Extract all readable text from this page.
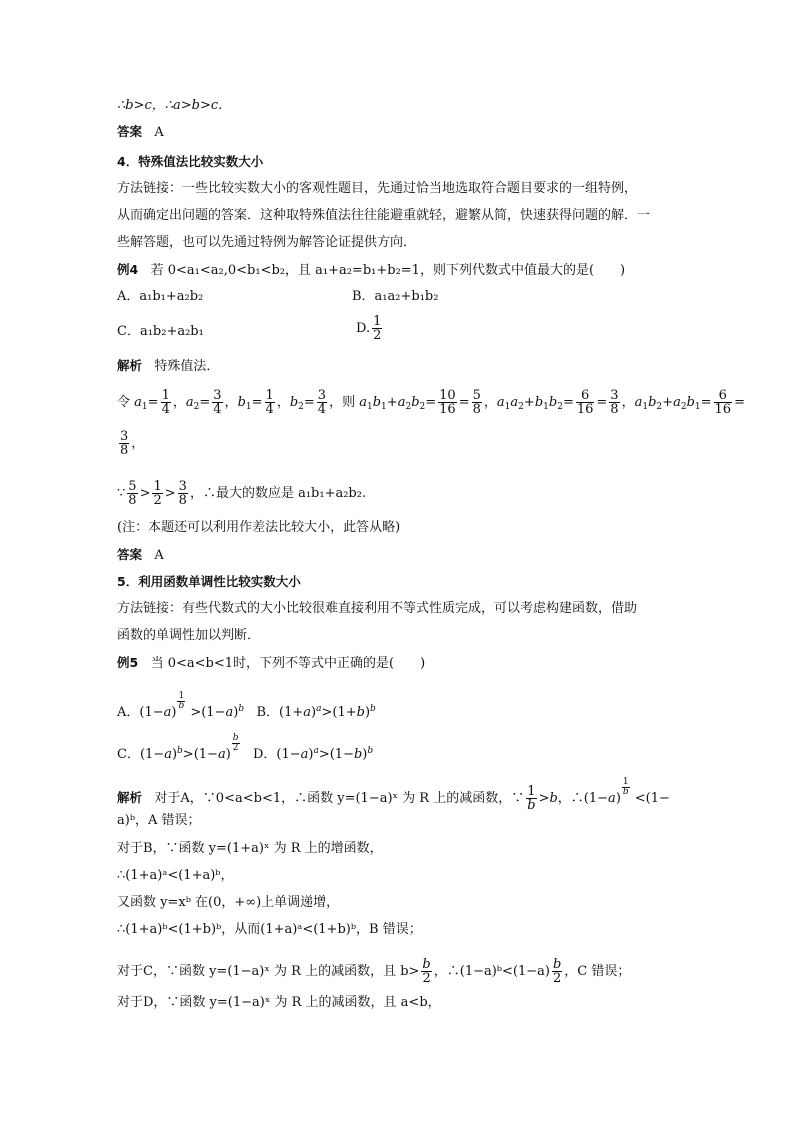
∴b>c，∴a>b>c.
答案 A
4．特殊值法比较实数大小
方法链接：一些比较实数大小的客观性题目，先通过恰当地选取符合题目要求的一组特例，
从而确定出问题的答案．这种取特殊值法往往能避重就轻，避繁从简，快速获得问题的解．一
些解答题，也可以先通过特例为解答论证提供方向．
例4 若 0<a₁<a₂,0<b₁<b₂，且 a₁+a₂=b₁+b₂=1，则下列代数式中值最大的是(　　)
A．a₁b₁+a₂b₂	B．a₁a₂+b₁b₂
C．a₁b₂+a₂b₁	D. $\frac{1}{2}$
解析 特殊值法．
令 $a_1= \frac{1}{4}$ ，$a_2= \frac{3}{4}$ ，$b_1= \frac{1}{4}$ ，$b_2= \frac{3}{4}$ ，则 $a_1b_1+a_2b_2= \frac{10}{16} = \frac{5}{8}$ ，$a_1a_2+b_1b_2= \frac{6}{16} = \frac{3}{8}$ ，$a_1b_2+a_2b_1= \frac{6}{16}$ =
$\frac{3}{8}$ ，
∵ $\frac{5}{8} > \frac{1}{2} > \frac{3}{8}$ ，∴最大的数应是 a₁b₁+a₂b₂.
(注：本题还可以利用作差法比较大小，此答从略)
答案 A
5．利用函数单调性比较实数大小
方法链接：有些代数式的大小比较很难直接利用不等式性质完成，可以考虑构建函数，借助
函数的单调性加以判断．
例5 当 0<a<b<1时，下列不等式中正确的是(　　)
A．(1−a)
$\frac{1}{b}$
$>(1-a)^b$   B．$(1+a)^a>(1+b)^b$
C．$(1-a)^b>(1-a)$
$\frac{b}{2}$
D．$(1-a)^a>(1-b)^b$
解析 对于A，∵0<a<b<1，∴函数 y=(1−a)ˣ 为 R 上的减函数，∵ $\frac{1}{b} >b$，∴(1−a)
$\frac{1}{b}$
<(1−
a)ᵇ，A 错误；
对于B，∵函数 y=(1+a)ˣ 为 R 上的增函数，
∴(1+a)ᵃ<(1+a)ᵇ，
又函数 y=xᵇ 在(0，+∞)上单调递增，
∴(1+a)ᵇ<(1+b)ᵇ，从而(1+a)ᵃ<(1+b)ᵇ，B 错误；
对于C，∵函数 y=(1−a)ˣ 为 R 上的减函数，且 $b> \frac{b}{2}$ ，∴(1−a)ᵇ<(1−a) $\frac{b}{2}$ ，C 错误；
对于D，∵函数 y=(1−a)ˣ 为 R 上的减函数，且 a<b，
